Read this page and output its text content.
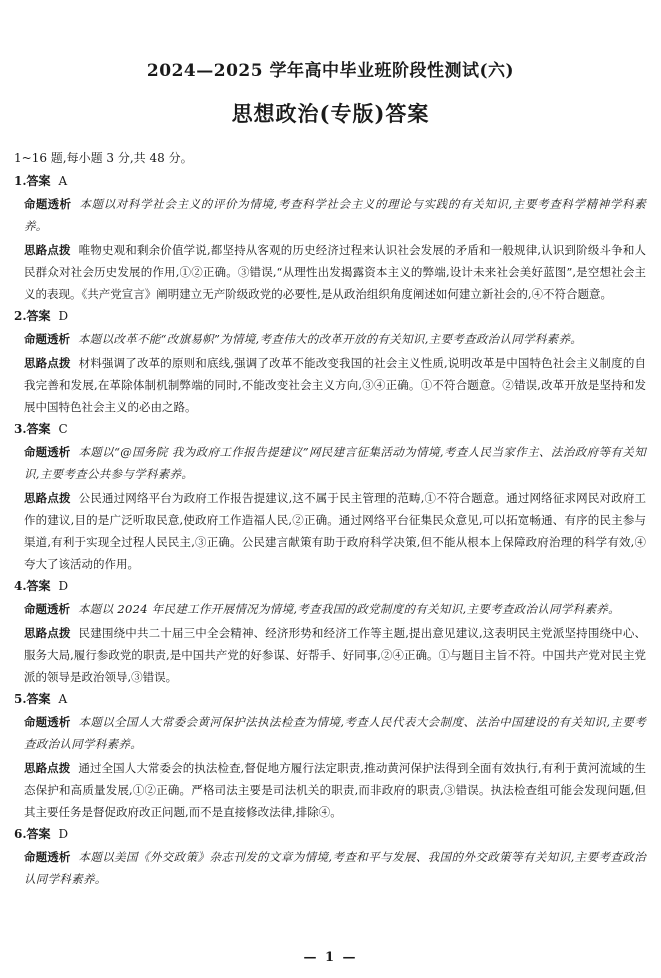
2024—2025 学年高中毕业班阶段性测试(六)
思想政治(专版)答案
1~16 题,每小题 3 分,共 48 分。
1.答案 A
命题透析 本题以对科学社会主义的评价为情境,考查科学社会主义的理论与实践的有关知识,主要考查科学精神学科素养。
思路点拨 唯物史观和剩余价值学说,都坚持从客观的历史经济过程来认识社会发展的矛盾和一般规律,认识到阶级斗争和人民群众对社会历史发展的作用,①②正确。③错误,“从理性出发揭露资本主义的弊端,设计未来社会美好蓝图”,是空想社会主义的表现。《共产党宣言》阐明建立无产阶级政党的必要性,是从政治组织角度阐述如何建立新社会的,④不符合题意。
2.答案 D
命题透析 本题以改革不能“改旗易帜”为情境,考查伟大的改革开放的有关知识,主要考查政治认同学科素养。
思路点拨 材料强调了改革的原则和底线,强调了改革不能改变我国的社会主义性质,说明改革是中国特色社会主义制度的自我完善和发展,在革除体制机制弊端的同时,不能改变社会主义方向,③④正确。①不符合题意。②错误,改革开放是坚持和发展中国特色社会主义的必由之路。
3.答案 C
命题透析 本题以“@国务院 我为政府工作报告提建议”网民建言征集活动为情境,考查人民当家作主、法治政府等有关知识,主要考查公共参与学科素养。
思路点拨 公民通过网络平台为政府工作报告提建议,这不属于民主管理的范畴,①不符合题意。通过网络征求网民对政府工作的建议,目的是广泛听取民意,使政府工作造福人民,②正确。通过网络平台征集民众意见,可以拓宽畅通、有序的民主参与渠道,有利于实现全过程人民民主,③正确。公民建言献策有助于政府科学决策,但不能从根本上保障政府治理的科学有效,④夸大了该活动的作用。
4.答案 D
命题透析 本题以 2024 年民建工作开展情况为情境,考查我国的政党制度的有关知识,主要考查政治认同学科素养。
思路点拨 民建围绕中共二十届三中全会精神、经济形势和经济工作等主题,提出意见建议,这表明民主党派坚持围绕中心、服务大局,履行参政党的职责,是中国共产党的好参谋、好帮手、好同事,②④正确。①与题目主旨不符。中国共产党对民主党派的领导是政治领导,③错误。
5.答案 A
命题透析 本题以全国人大常委会黄河保护法执法检查为情境,考查人民代表大会制度、法治中国建设的有关知识,主要考查政治认同学科素养。
思路点拨 通过全国人大常委会的执法检查,督促地方履行法定职责,推动黄河保护法得到全面有效执行,有利于黄河流域的生态保护和高质量发展,①②正确。严格司法主要是司法机关的职责,而非政府的职责,③错误。执法检查组可能会发现问题,但其主要任务是督促政府改正问题,而不是直接修改法律,排除④。
6.答案 D
命题透析 本题以美国《外交政策》杂志刊发的文章为情境,考查和平与发展、我国的外交政策等有关知识,主要考查政治认同学科素养。
— 1 —
